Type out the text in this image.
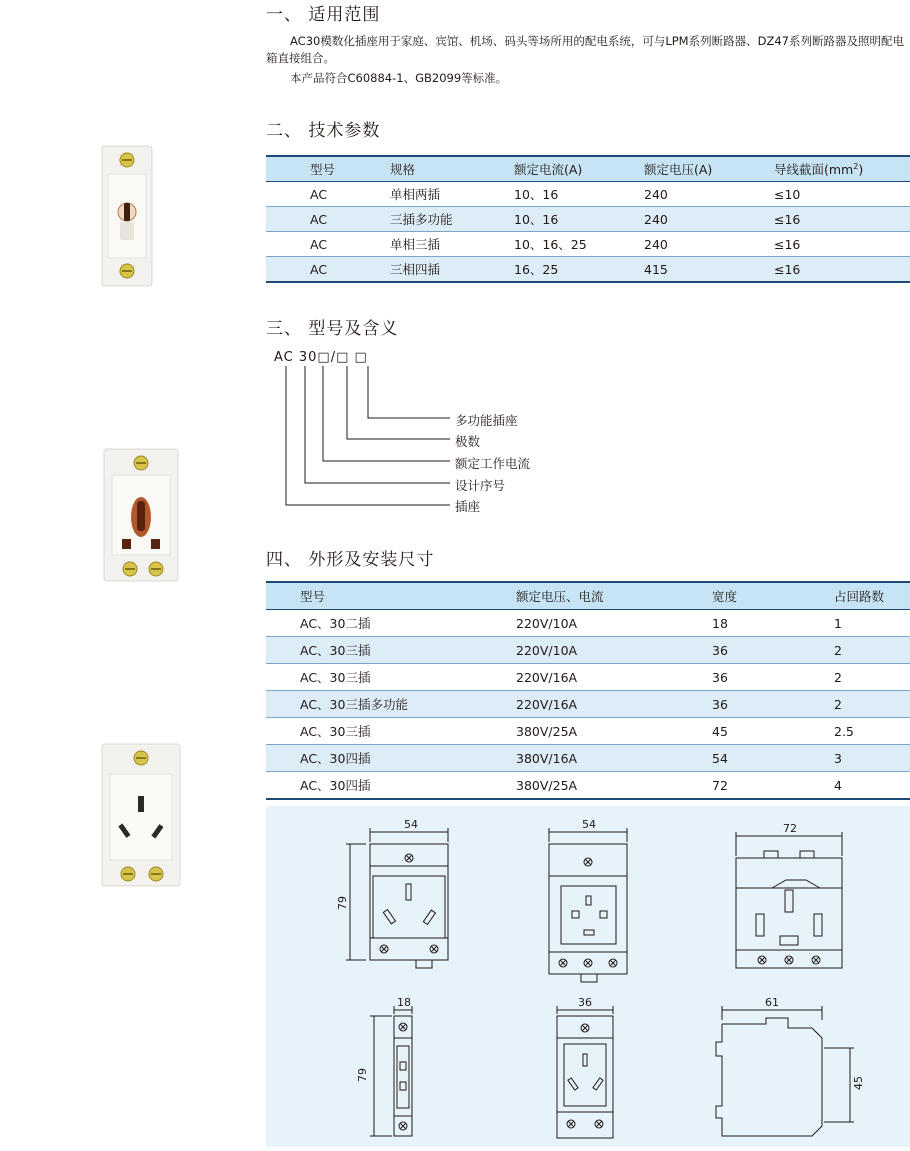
一、 适用范围
AC30模数化插座用于家庭、宾馆、机场、码头等场所用的配电系统，可与LPM系列断路器、DZ47系列断路器及照明配电箱直接组合。
本产品符合C60884-1、GB2099等标准。
二、 技术参数
	型号	规格	额定电流(A)	额定电压(A)	导线截面$(mm^2)$
	AC	单相两插	10、16	240	≤10
	AC	三插多功能	10、16	240	≤16
	AC	单相三插	10、16、25	240	≤16
	AC	三相四插	16、25	415	≤16
三、 型号及含义
AC 30□/□ □
多功能插座
极数
额定工作电流
设计序号
插座
四、 外形及安装尺寸
	型号	额定电压、电流	宽度	占回路数
	AC、30二插	220V/10A	18	1
	AC、30三插	220V/10A	36	2
	AC、30三插	220V/16A	36	2
	AC、30三插多功能	220V/16A	36	2
	AC、30三插	380V/25A	45	2.5
	AC、30四插	380V/16A	54	3
	AC、30四插	380V/25A	72	4
54
79
54	72
18
79
36	61
45
